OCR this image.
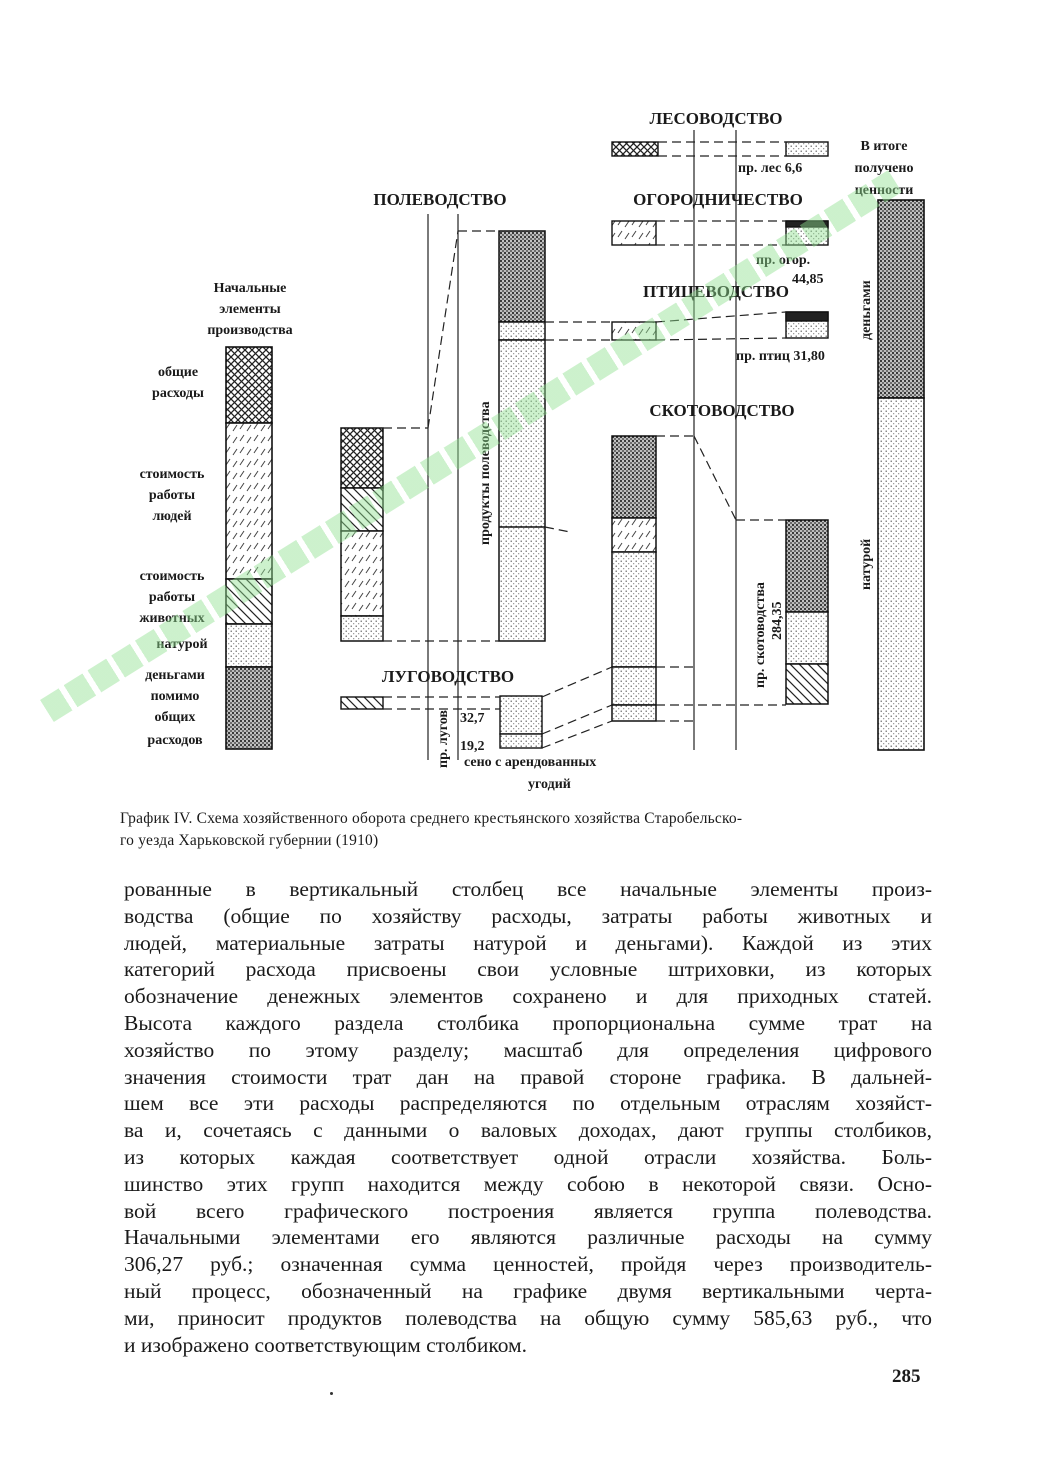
Начальные
элементы
производства
общие
расходы
стоимость
работы
людей
стоимость
работы
животных
натурой
деньгами
помимо
общих
расходов
ПОЛЕВОДСТВО
ЛЕСОВОДСТВО
ОГОРОДНИЧЕСТВО
ПТИЦЕВОДСТВО
СКОТОВОДСТВО
ЛУГОВОДСТВО
продукты полеводства
пр. лес 6,6
В итоге
получено
ценности
пр. огор.
44,85
пр. птиц 31,80
пр. скотоводства 284,35
пр. лугов 32,7
19,2
сено с арендованных
угодий
деньгами
натурой
График IV. Схема хозяйственного оборота среднего крестьянского хозяйства Старобельско-
го уезда Харьковской губернии (1910)
рованные в вертикальный столбец все начальные элементы произ-
водства (общие по хозяйству расходы, затраты работы животных и
людей, материальные затраты натурой и деньгами). Каждой из этих
категорий расхода присвоены свои условные штриховки, из которых
обозначение денежных элементов сохранено и для приходных статей.
Высота каждого раздела столбика пропорциональна сумме трат на
хозяйство по этому разделу; масштаб для определения цифрового
значения стоимости трат дан на правой стороне графика. В дальней-
шем все эти расходы распределяются по отдельным отраслям хозяйст-
ва и, сочетаясь с данными о валовых доходах, дают группы столбиков,
из которых каждая соответствует одной отрасли хозяйства. Боль-
шинство этих групп находится между собою в некоторой связи. Осно-
вой всего графического построения является группа полеводства.
Начальными элементами его являются различные расходы на сумму
306,27 руб.; означенная сумма ценностей, пройдя через производитель-
ный процесс, обозначенный на графике двумя вертикальными черта-
ми, приносит продуктов полеводства на общую сумму 585,63 руб., что
и изображено соответствующим столбиком.
285
